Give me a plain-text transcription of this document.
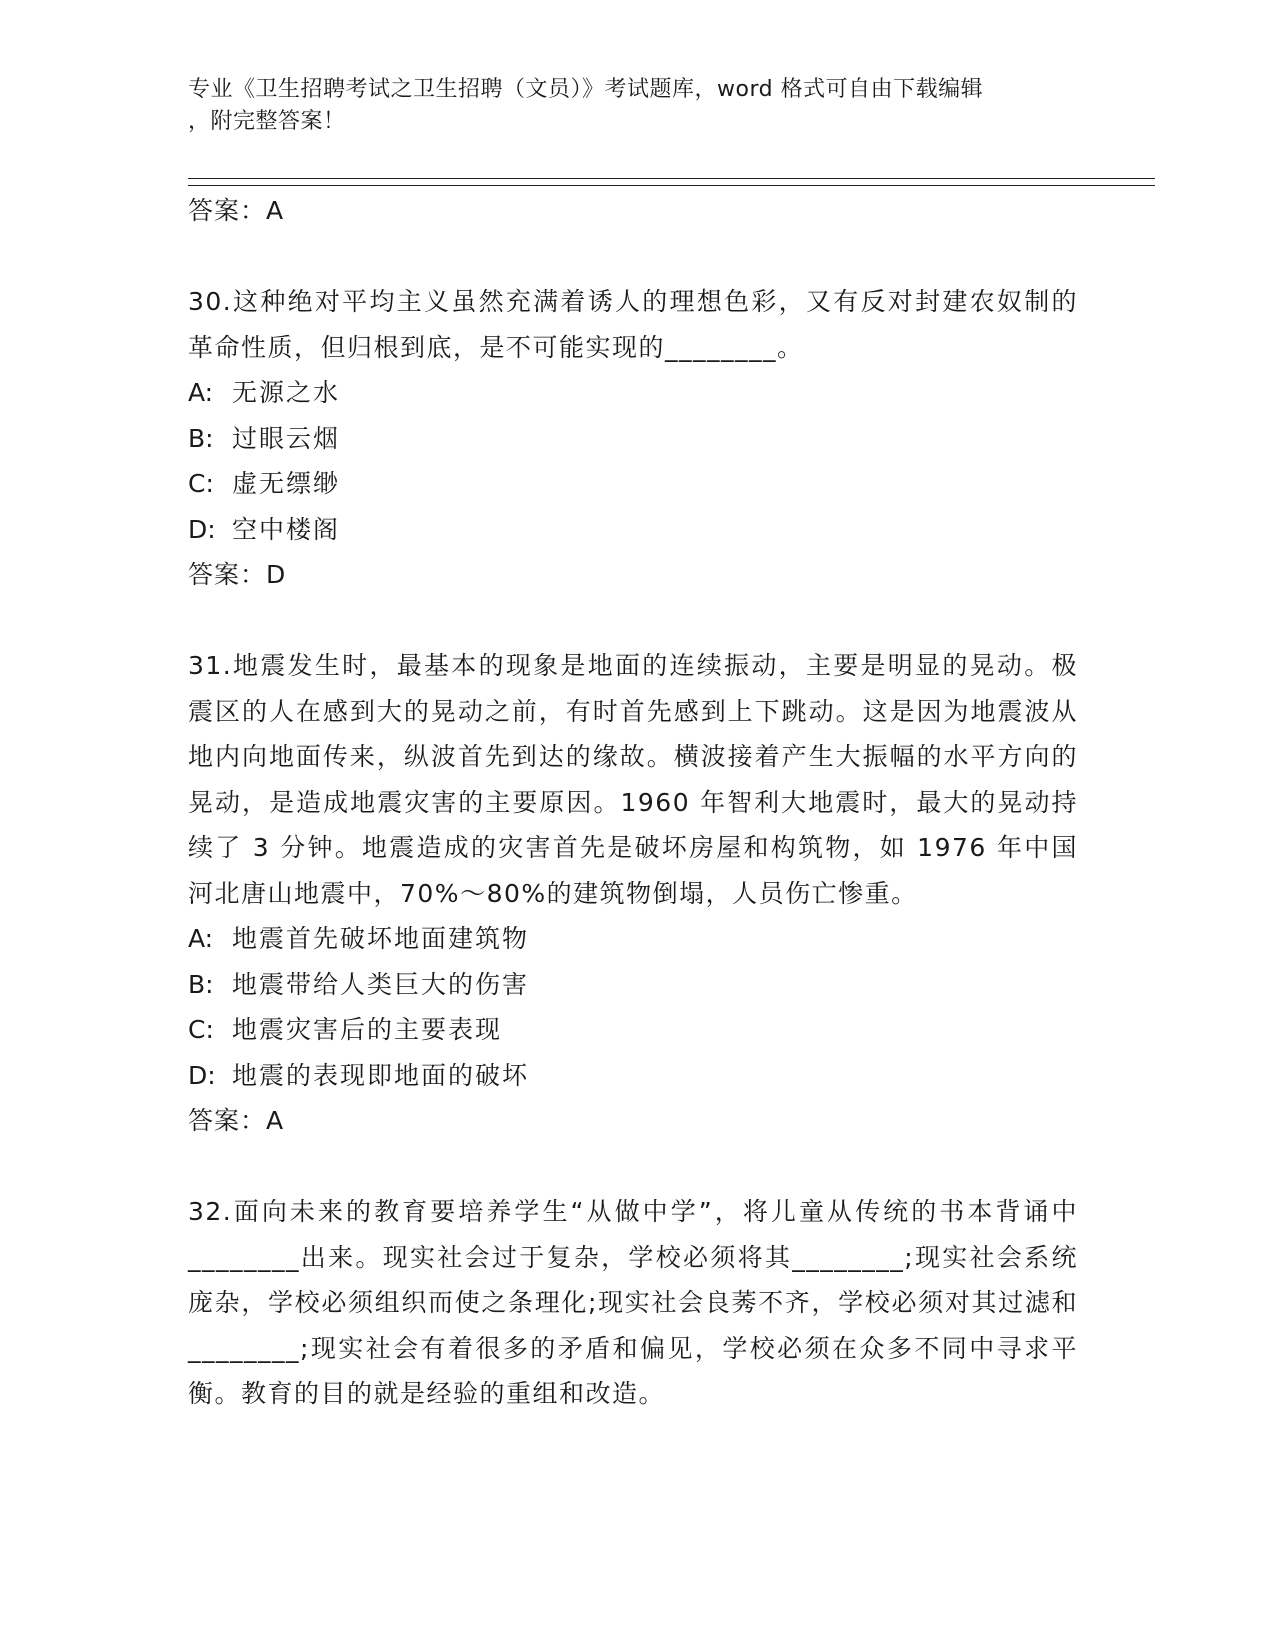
专业《卫生招聘考试之卫生招聘（文员）》考试题库，word 格式可自由下载编辑
，附完整答案！
答案：A

30.这种绝对平均主义虽然充满着诱人的理想色彩，又有反对封建农奴制的革命性质，但归根到底，是不可能实现的________。

A: 无源之水
B: 过眼云烟
C: 虚无缥缈
D: 空中楼阁
答案：D

31.地震发生时，最基本的现象是地面的连续振动，主要是明显的晃动。极震区的人在感到大的晃动之前，有时首先感到上下跳动。这是因为地震波从地内向地面传来，纵波首先到达的缘故。横波接着产生大振幅的水平方向的晃动，是造成地震灾害的主要原因。1960 年智利大地震时，最大的晃动持续了 3 分钟。地震造成的灾害首先是破坏房屋和构筑物，如 1976 年中国河北唐山地震中，70%～80%的建筑物倒塌，人员伤亡惨重。

A: 地震首先破坏地面建筑物
B: 地震带给人类巨大的伤害
C: 地震灾害后的主要表现
D: 地震的表现即地面的破坏
答案：A

32.面向未来的教育要培养学生“从做中学”，将儿童从传统的书本背诵中________出来。现实社会过于复杂，学校必须将其________;现实社会系统庞杂，学校必须组织而使之条理化;现实社会良莠不齐，学校必须对其过滤和________;现实社会有着很多的矛盾和偏见，学校必须在众多不同中寻求平衡。教育的目的就是经验的重组和改造。
